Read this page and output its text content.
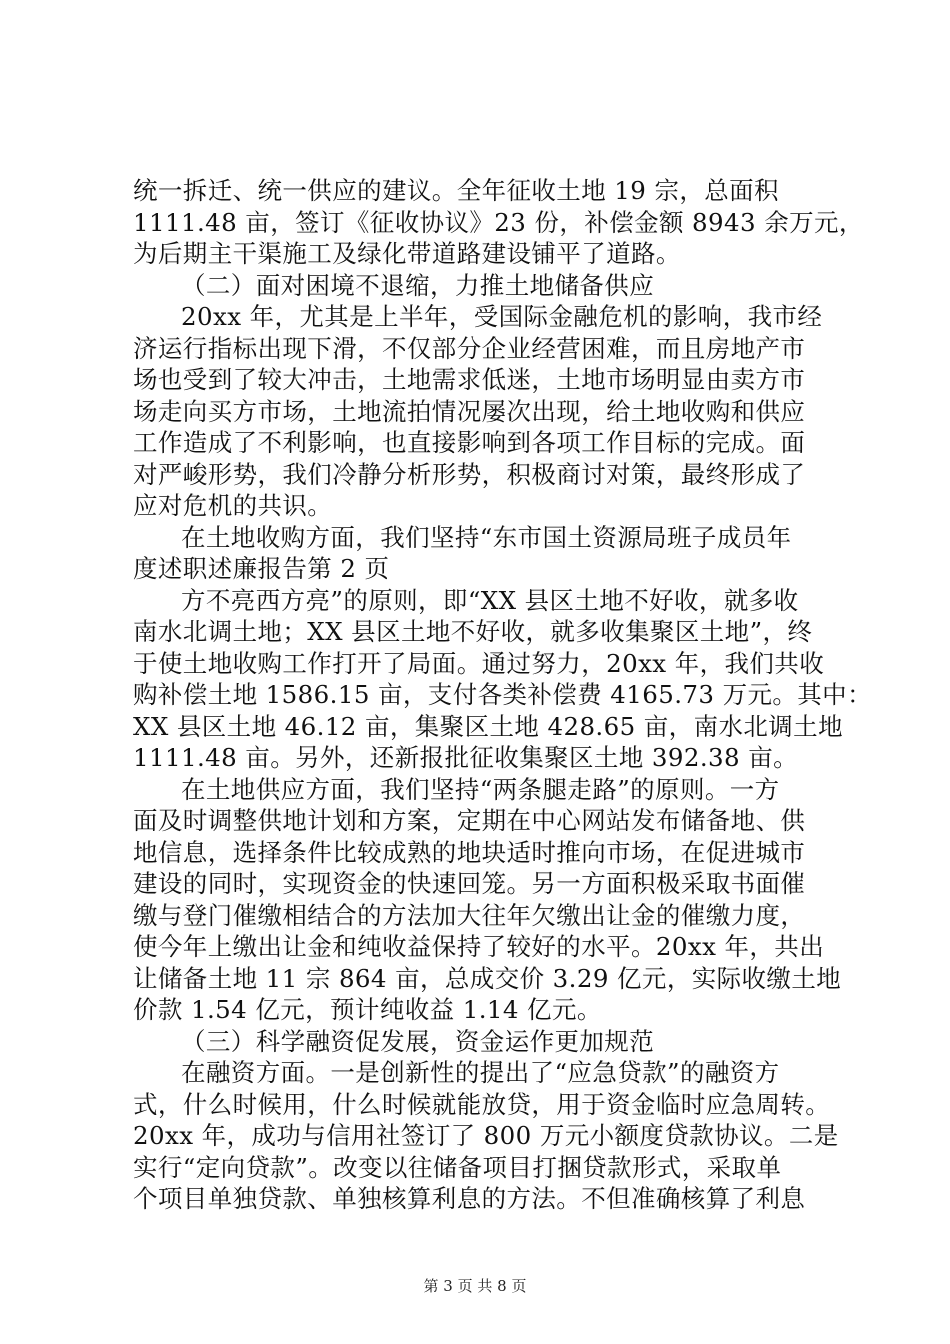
统一拆迁、统一供应的建议。全年征收土地 19 宗，总面积
1111.48 亩，签订《征收协议》23 份，补偿金额 8943 余万元，
为后期主干渠施工及绿化带道路建设铺平了道路。
（二）面对困境不退缩，力推土地储备供应
20xx 年，尤其是上半年，受国际金融危机的影响，我市经
济运行指标出现下滑，不仅部分企业经营困难，而且房地产市
场也受到了较大冲击，土地需求低迷，土地市场明显由卖方市
场走向买方市场，土地流拍情况屡次出现，给土地收购和供应
工作造成了不利影响，也直接影响到各项工作目标的完成。面
对严峻形势，我们冷静分析形势，积极商讨对策，最终形成了
应对危机的共识。
在土地收购方面，我们坚持“东市国土资源局班子成员年
度述职述廉报告第 2 页
方不亮西方亮”的原则，即“XX 县区土地不好收，就多收
南水北调土地；XX 县区土地不好收，就多收集聚区土地”，终
于使土地收购工作打开了局面。通过努力，20xx 年，我们共收
购补偿土地 1586.15 亩，支付各类补偿费 4165.73 万元。其中：
XX 县区土地 46.12 亩，集聚区土地 428.65 亩，南水北调土地
1111.48 亩。另外，还新报批征收集聚区土地 392.38 亩。
在土地供应方面，我们坚持“两条腿走路”的原则。一方
面及时调整供地计划和方案，定期在中心网站发布储备地、供
地信息，选择条件比较成熟的地块适时推向市场，在促进城市
建设的同时，实现资金的快速回笼。另一方面积极采取书面催
缴与登门催缴相结合的方法加大往年欠缴出让金的催缴力度，
使今年上缴出让金和纯收益保持了较好的水平。20xx 年，共出
让储备土地 11 宗 864 亩，总成交价 3.29 亿元，实际收缴土地
价款 1.54 亿元，预计纯收益 1.14 亿元。
（三）科学融资促发展，资金运作更加规范
在融资方面。一是创新性的提出了“应急贷款”的融资方
式，什么时候用，什么时候就能放贷，用于资金临时应急周转。
20xx 年，成功与信用社签订了 800 万元小额度贷款协议。二是
实行“定向贷款”。改变以往储备项目打捆贷款形式，采取单
个项目单独贷款、单独核算利息的方法。不但准确核算了利息
第 3 页 共 8 页
